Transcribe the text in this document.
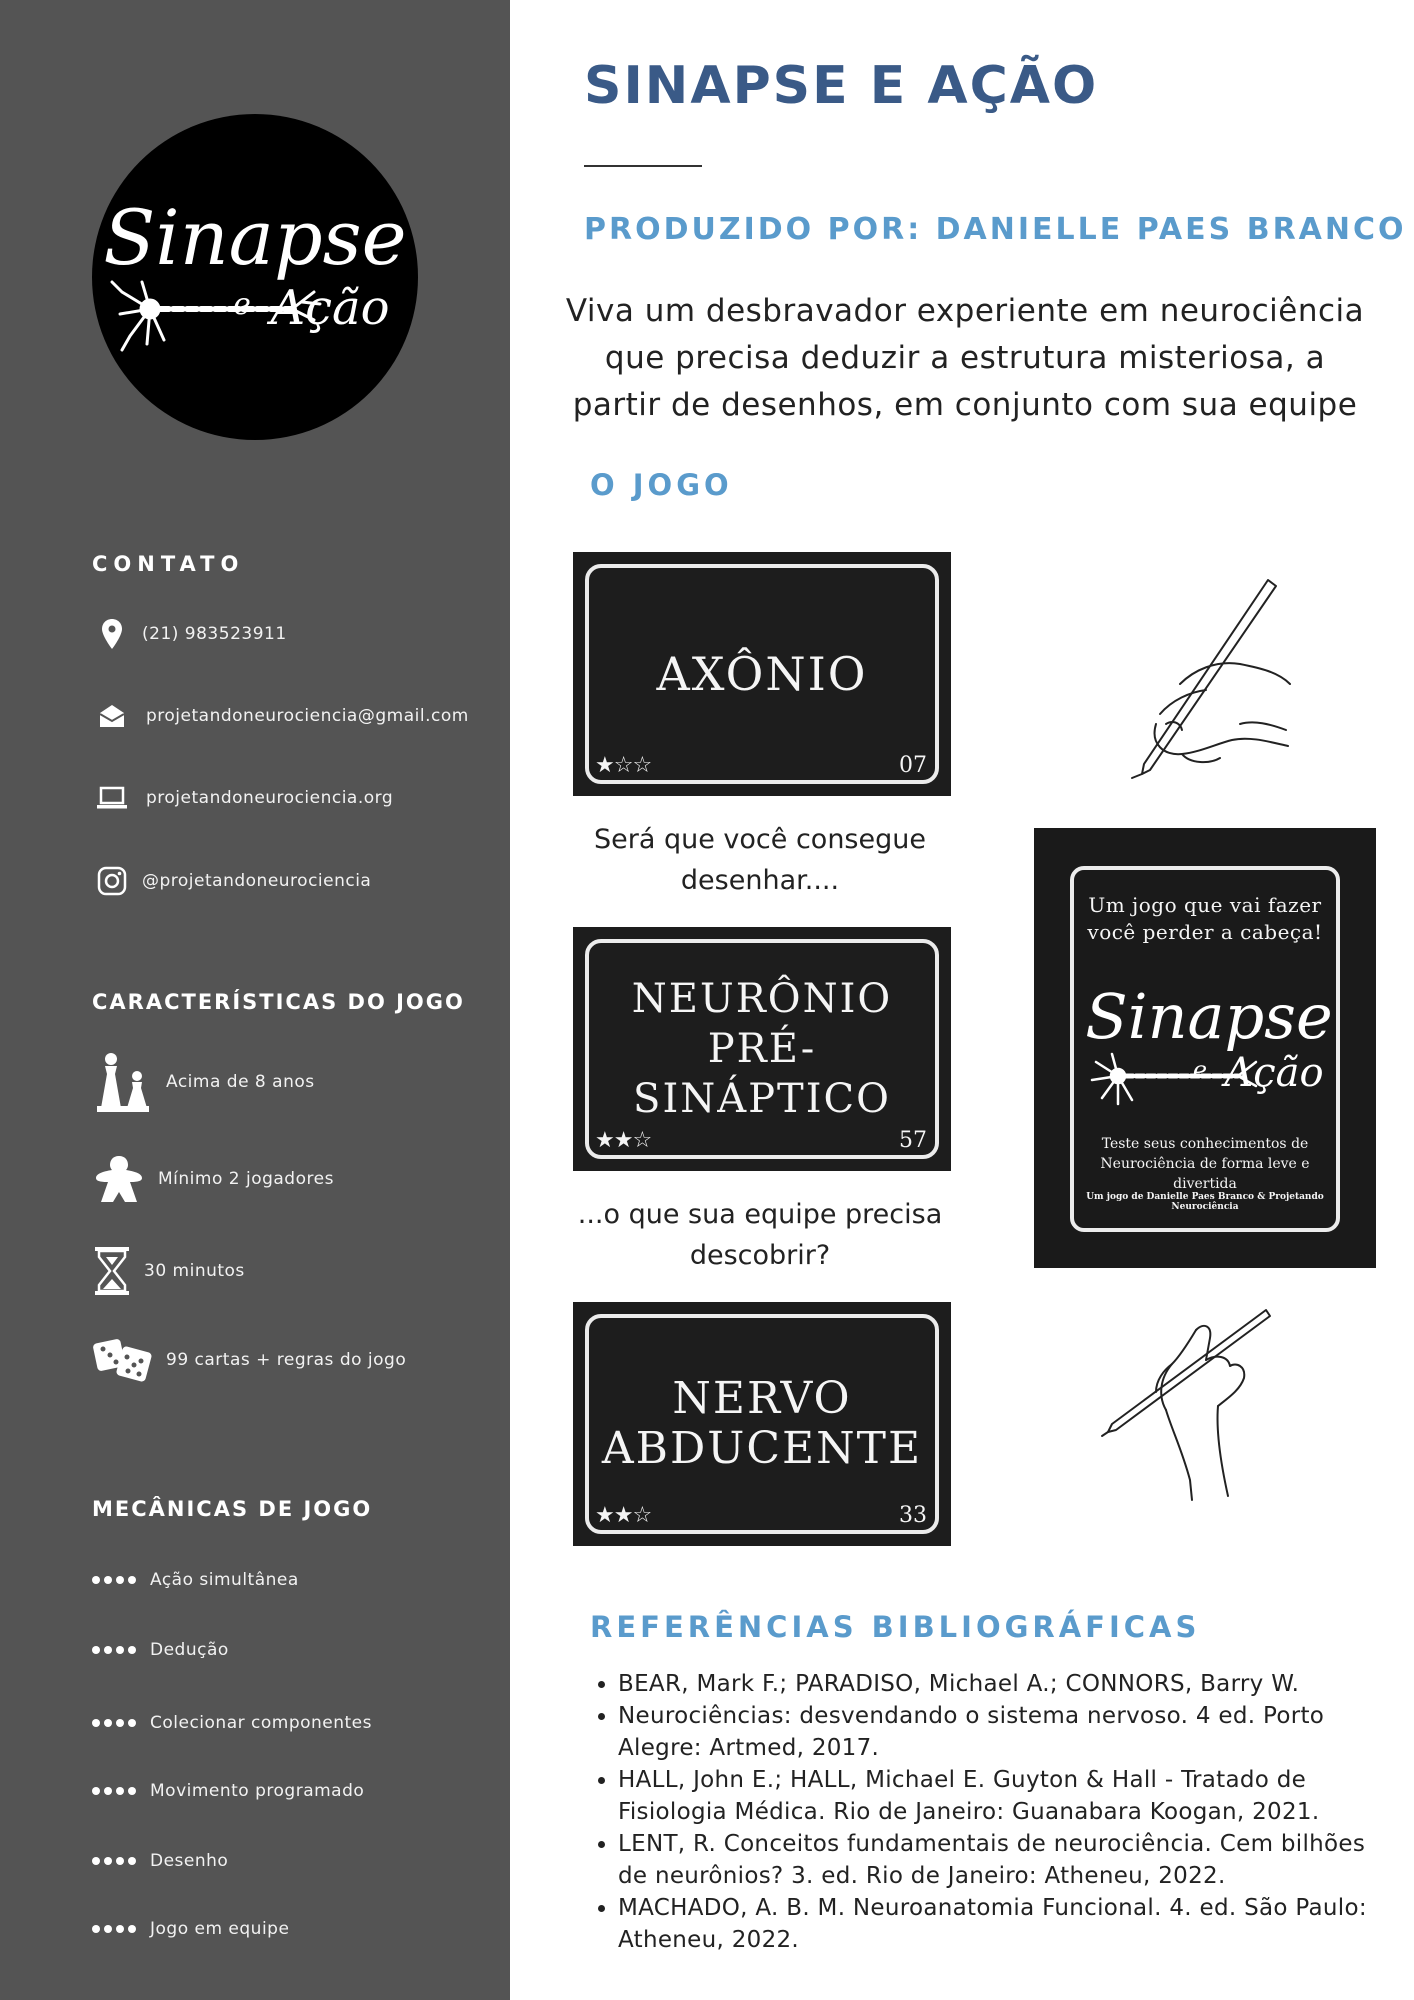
Sinapse
e Ação
CONTATO
(21) 983523911
projetandoneurociencia@gmail.com
projetandoneurociencia.org
@projetandoneurociencia
CARACTERÍSTICAS DO JOGO
Acima de 8 anos
Mínimo 2 jogadores
30 minutos
99 cartas + regras do jogo
MECÂNICAS DE JOGO
Ação simultânea
Dedução
Colecionar componentes
Movimento programado
Desenho
Jogo em equipe
SINAPSE E AÇÃO
PRODUZIDO POR: DANIELLE PAES BRANCO
Viva um desbravador experiente em neurociência que precisa deduzir a estrutura misteriosa, a partir de desenhos, em conjunto com sua equipe
O JOGO
AXÔNIO
★☆☆	07
Será que você consegue desenhar....
NEURÔNIO PRÉ-SINÁPTICO
★★☆	57
...o que sua equipe precisa descobrir?
NERVO ABDUCENTE
★★☆	33
Um jogo que vai fazer você perder a cabeça!
Sinapse
e Ação
Teste seus conhecimentos de Neurociência de forma leve e divertida
Um jogo de Danielle Paes Branco & Projetando Neurociência
REFERÊNCIAS BIBLIOGRÁFICAS
• BEAR, Mark F.; PARADISO, Michael A.; CONNORS, Barry W.
• Neurociências: desvendando o sistema nervoso. 4 ed. Porto Alegre: Artmed, 2017.
• HALL, John E.; HALL, Michael E. Guyton & Hall - Tratado de Fisiologia Médica. Rio de Janeiro: Guanabara Koogan, 2021.
• LENT, R. Conceitos fundamentais de neurociência. Cem bilhões de neurônios? 3. ed. Rio de Janeiro: Atheneu, 2022.
• MACHADO, A. B. M. Neuroanatomia Funcional. 4. ed. São Paulo: Atheneu, 2022.
